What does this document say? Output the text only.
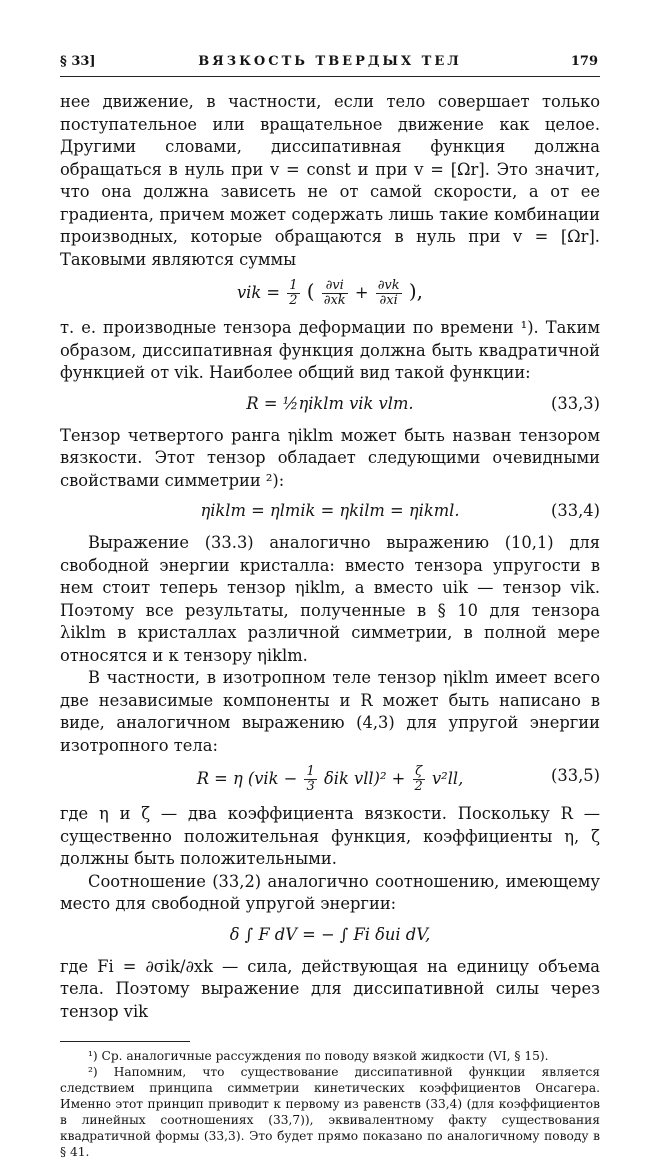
§ 33]	ВЯЗКОСТЬ ТВЕРДЫХ ТЕЛ	179

нее движение, в частности, если тело совершает только поступательное или вращательное движение как целое. Другими словами, диссипативная функция должна обращаться в нуль при v = const и при v = [Ωr]. Это значит, что она должна зависеть не от самой скорости, а от ее градиента, причем может содержать лишь такие комбинации производных, которые обращаются в нуль при v = [Ωr]. Таковыми являются суммы

vik = $\frac{1}{2}$ ( $\frac{\partial vi}{\partial xk} + \frac{\partial vk}{\partial xi}$ ),

т. е. производные тензора деформации по времени ¹). Таким образом, диссипативная функция должна быть квадратичной функцией от vik. Наиболее общий вид такой функции:

R = ½ηiklm vik vlm.	(33,3)

Тензор четвертого ранга ηiklm может быть назван тензором вязкости. Этот тензор обладает следующими очевидными свойствами симметрии ²):

ηiklm = ηlmik = ηkilm = ηikml.	(33,4)

Выражение (33.3) аналогично выражению (10,1) для свободной энергии кристалла: вместо тензора упругости в нем стоит теперь тензор ηiklm, а вместо uik — тензор vik. Поэтому все результаты, полученные в § 10 для тензора λiklm в кристаллах различной симметрии, в полной мере относятся и к тензору ηiklm.

В частности, в изотропном теле тензор ηiklm имеет всего две независимые компоненты и R может быть написано в виде, аналогичном выражению (4,3) для упругой энергии изотропного тела:

R = η ($vik - \frac{1}{3}$ δik $vll)^2 + \frac{\zeta}{2} v^2ll$,	(33,5)

где η и ζ — два коэффициента вязкости. Поскольку R — существенно положительная функция, коэффициенты η, ζ должны быть положительными.

Соотношение (33,2) аналогично соотношению, имеющему место для свободной упругой энергии:

δ ∫ F dV = − ∫ Fi δui dV,

где Fi = ∂σik/∂xk — сила, действующая на единицу объема тела. Поэтому выражение для диссипативной силы через тензор vik

¹) Ср. аналогичные рассуждения по поводу вязкой жидкости (VI, § 15).

²) Напомним, что существование диссипативной функции является следствием принципа симметрии кинетических коэффициентов Онсагера. Именно этот принцип приводит к первому из равенств (33,4) (для коэффициентов в линейных соотношениях (33,7)), эквивалентному факту существования квадратичной формы (33,3). Это будет прямо показано по аналогичному поводу в § 41.
